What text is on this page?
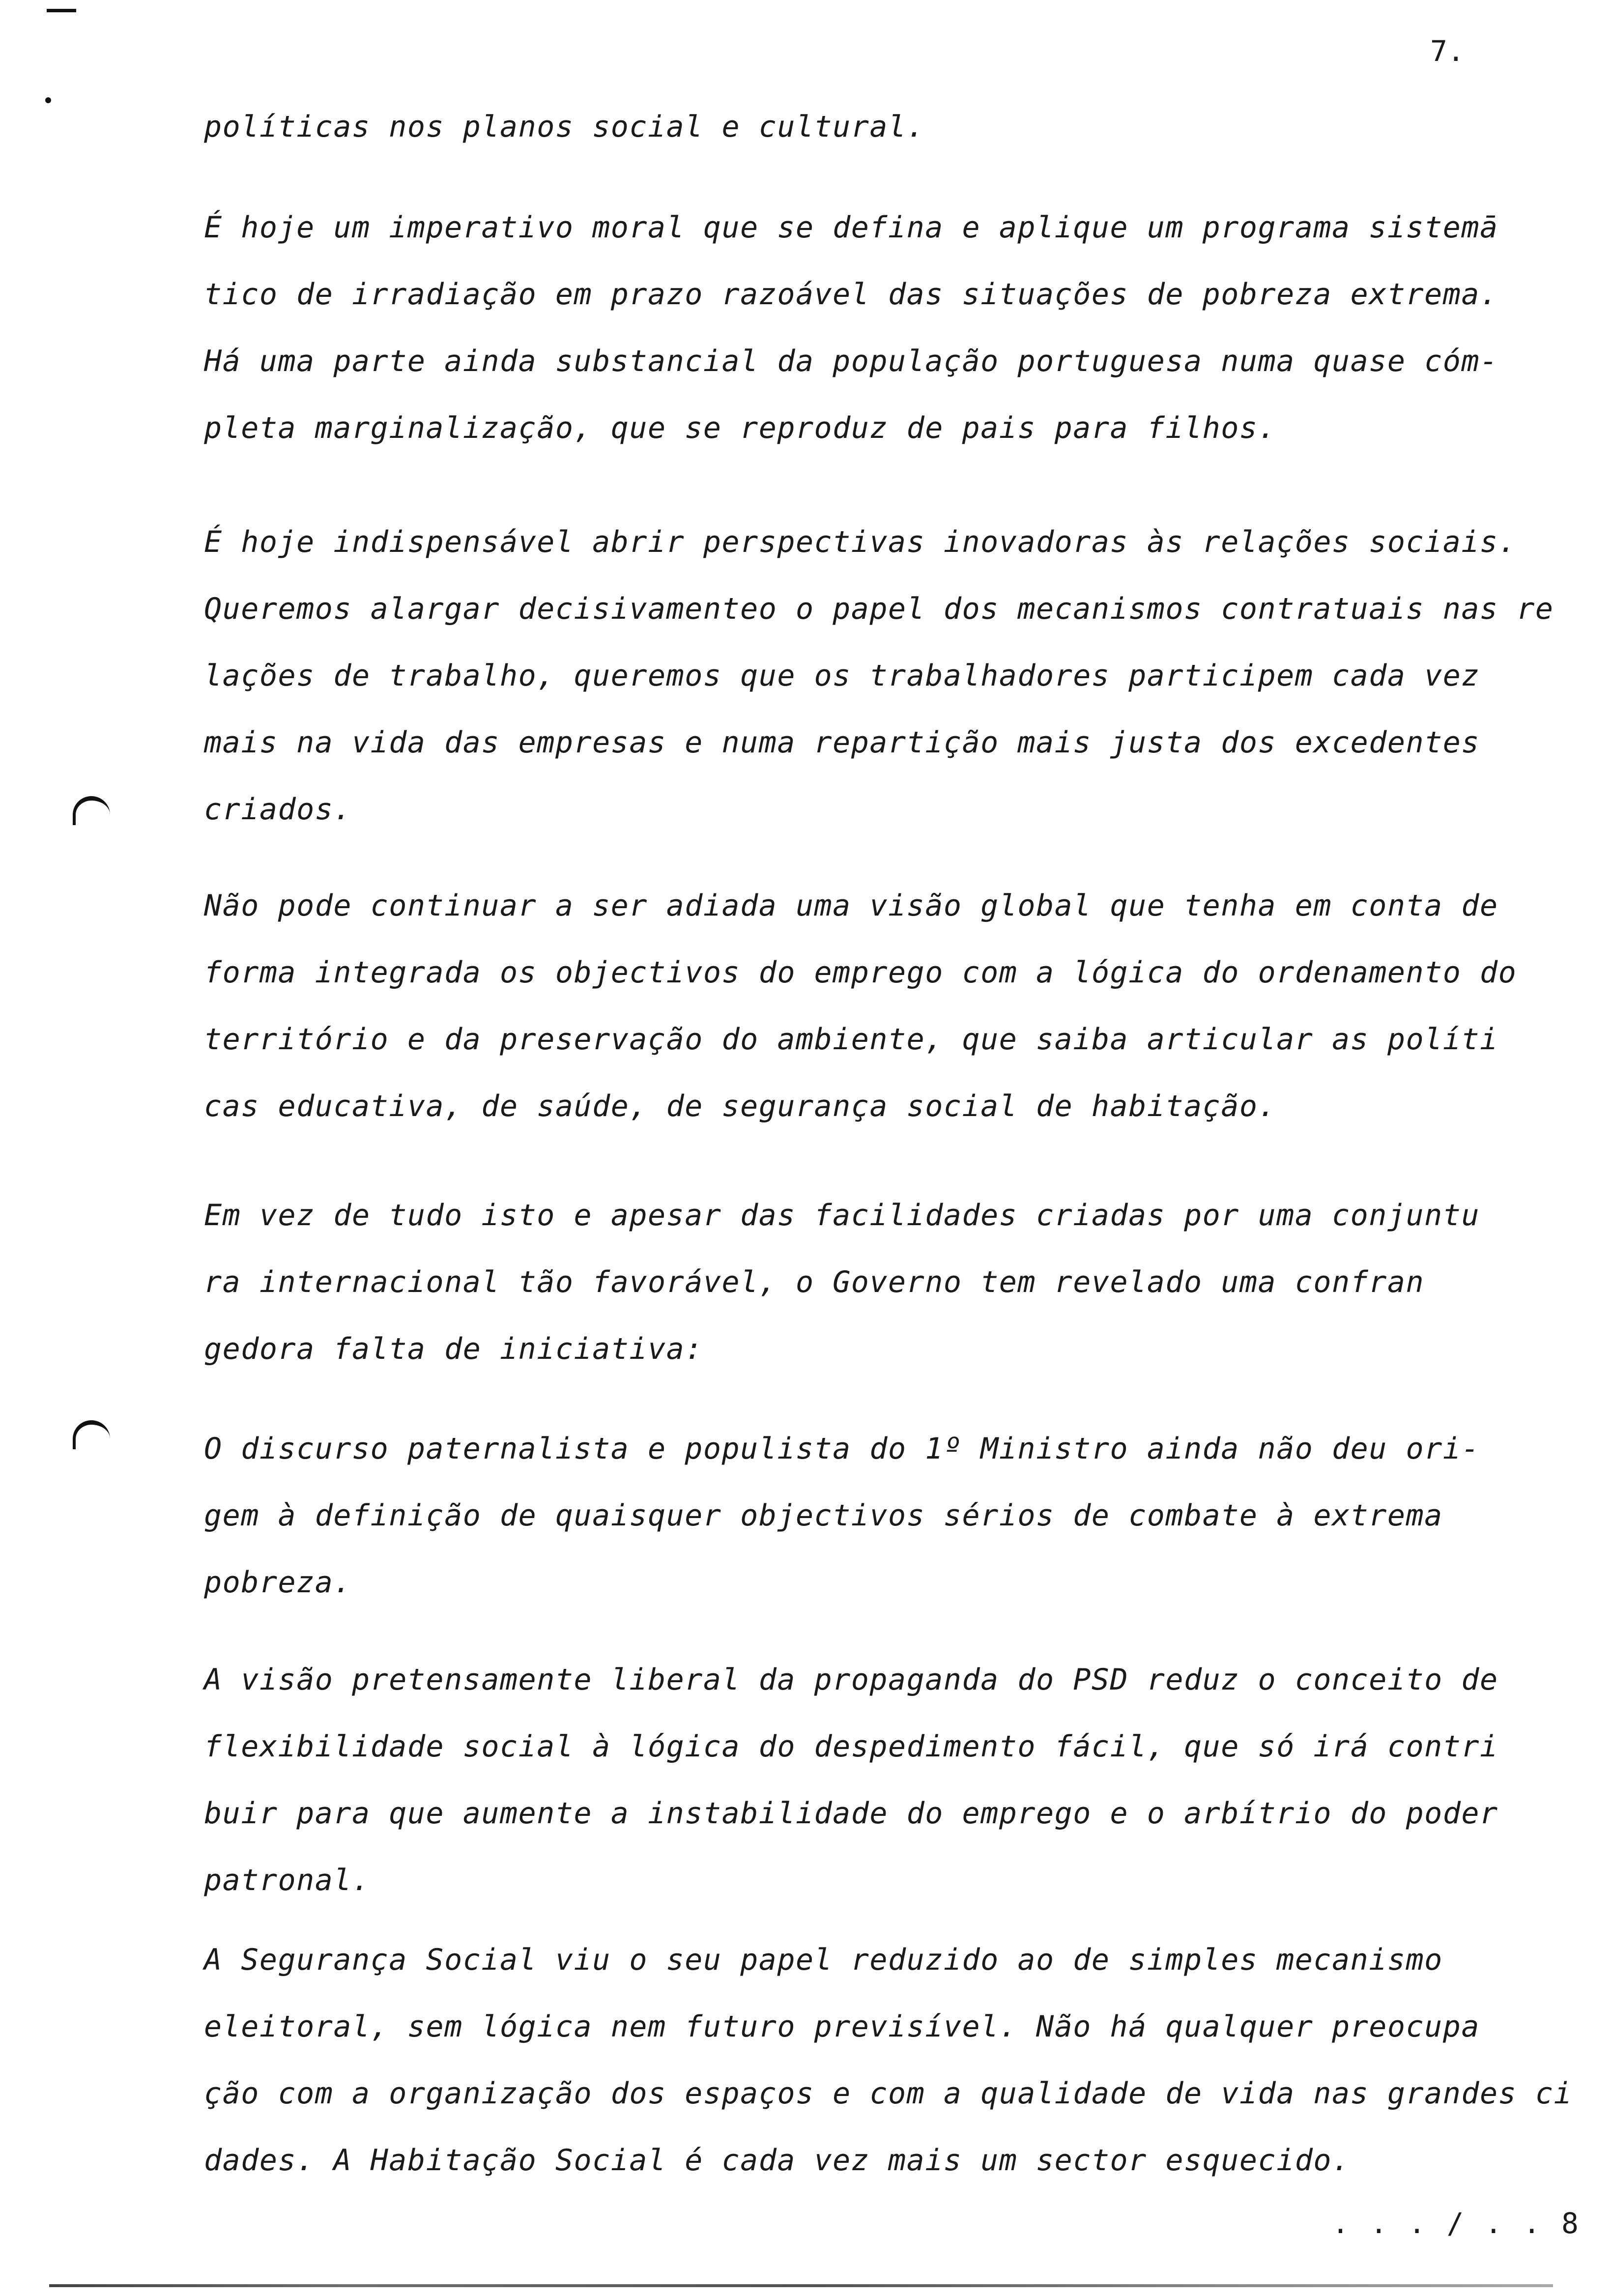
7.
políticas nos planos social e cultural.
É hoje um imperativo moral que se defina e aplique um programa sistemā
tico de irradiação em prazo razoável das situações de pobreza extrema.
Há uma parte ainda substancial da população portuguesa numa quase cóm-
pleta marginalização, que se reproduz de pais para filhos.
É hoje indispensável abrir perspectivas inovadoras às relações sociais.
Queremos alargar decisivamenteo o papel dos mecanismos contratuais nas re
lações de trabalho, queremos que os trabalhadores participem cada vez
mais na vida das empresas e numa repartição mais justa dos excedentes
criados.
Não pode continuar a ser adiada uma visão global que tenha em conta de
forma integrada os objectivos do emprego com a lógica do ordenamento do
território e da preservação do ambiente, que saiba articular as políti
cas educativa, de saúde, de segurança social de habitação.
Em vez de tudo isto e apesar das facilidades criadas por uma conjuntu
ra internacional tão favorável, o Governo tem revelado uma confran
gedora falta de iniciativa:
O discurso paternalista e populista do 1º Ministro ainda não deu ori-
gem à definição de quaisquer objectivos sérios de combate à extrema
pobreza.
A visão pretensamente liberal da propaganda do PSD reduz o conceito de
flexibilidade social à lógica do despedimento fácil, que só irá contri
buir para que aumente a instabilidade do emprego e o arbítrio do poder
patronal.
A Segurança Social viu o seu papel reduzido ao de simples mecanismo
eleitoral, sem lógica nem futuro previsível. Não há qualquer preocupa
ção com a organização dos espaços e com a qualidade de vida nas grandes ci
dades. A Habitação Social é cada vez mais um sector esquecido.
. . . / . . 8
